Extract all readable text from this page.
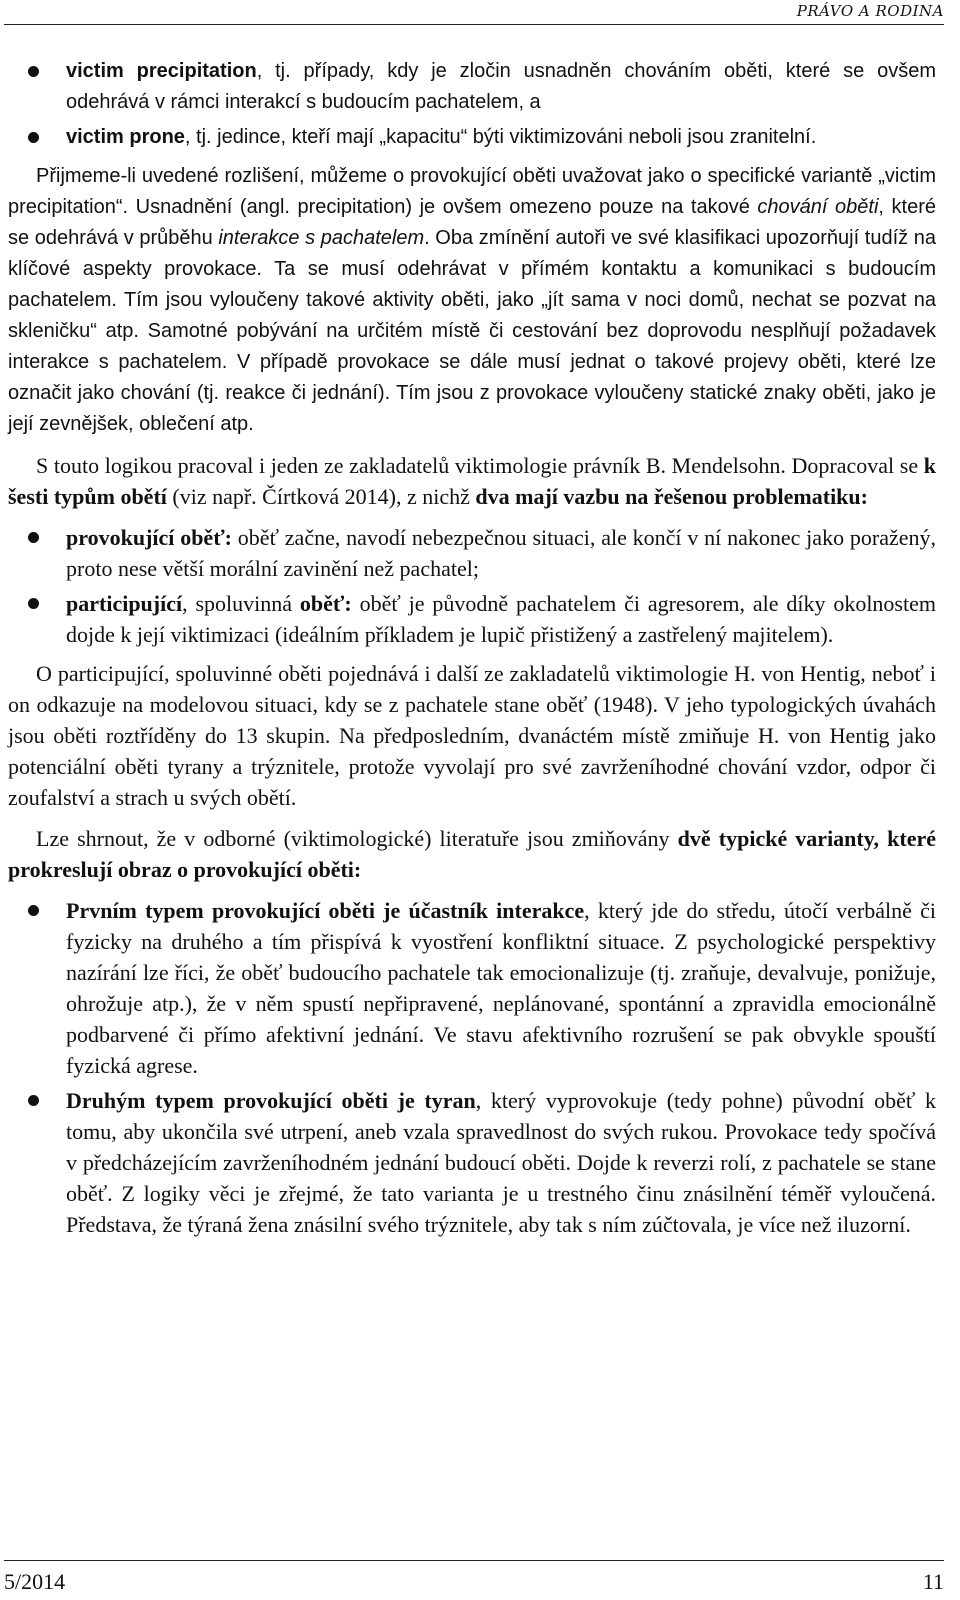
PRÁVO A RODINA
victim precipitation, tj. případy, kdy je zločin usnadněn chováním oběti, které se ovšem odehrává v rámci interakcí s budoucím pachatelem, a
victim prone, tj. jedince, kteří mají „kapacitu“ býti viktimizováni neboli jsou zranitelní.

Přijmeme-li uvedené rozlišení, můžeme o provokující oběti uvažovat jako o specifické variantě „victim precipitation“. Usnadnění (angl. precipitation) je ovšem omezeno pouze na takové chování oběti, které se odehrává v průběhu interakce s pachatelem. Oba zmínění autoři ve své klasifikaci upozorňují tudíž na klíčové aspekty provokace. Ta se musí odehrávat v přímém kontaktu a komunikaci s budoucím pachatelem. Tím jsou vyloučeny takové aktivity oběti, jako „jít sama v noci domů, nechat se pozvat na skleničku“ atp. Samotné pobývání na určitém místě či cestování bez doprovodu nesplňují požadavek interakce s pachatelem. V případě provokace se dále musí jednat o takové projevy oběti, které lze označit jako chování (tj. reakce či jednání). Tím jsou z provokace vyloučeny statické znaky oběti, jako je její zevnějšek, oblečení atp.

S touto logikou pracoval i jeden ze zakladatelů viktimologie právník B. Mendelsohn. Dopracoval se k šesti typům obětí (viz např. Čírtková 2014), z nichž dva mají vazbu na řešenou problematiku:

provokující oběť: oběť začne, navodí nebezpečnou situaci, ale končí v ní nakonec jako poražený, proto nese větší morální zavinění než pachatel;
participující, spoluvinná oběť: oběť je původně pachatelem či agresorem, ale díky okolnostem dojde k její viktimizaci (ideálním příkladem je lupič přistižený a zastřelený majitelem).

O participující, spoluvinné oběti pojednává i další ze zakladatelů viktimologie H. von Hentig, neboť i on odkazuje na modelovou situaci, kdy se z pachatele stane oběť (1948). V jeho typologických úvahách jsou oběti roztříděny do 13 skupin. Na předposledním, dvanáctém místě zmiňuje H. von Hentig jako potenciální oběti tyrany a trýznitele, protože vyvolají pro své zavrženíhodné chování vzdor, odpor či zoufalství a strach u svých obětí.

Lze shrnout, že v odborné (viktimologické) literatuře jsou zmiňovány dvě typické varianty, které prokreslují obraz o provokující oběti:

Prvním typem provokující oběti je účastník interakce, který jde do středu, útočí verbálně či fyzicky na druhého a tím přispívá k vyostření konfliktní situace. Z psychologické perspektivy nazírání lze říci, že oběť budoucího pachatele tak emocionalizuje (tj. zraňuje, devalvuje, ponižuje, ohrožuje atp.), že v něm spustí nepřipravené, neplánované, spontánní a zpravidla emocionálně podbarvené či přímo afektivní jednání. Ve stavu afektivního rozrušení se pak obvykle spouští fyzická agrese.
Druhým typem provokující oběti je tyran, který vyprovokuje (tedy pohne) původní oběť k tomu, aby ukončila své utrpení, aneb vzala spravedlnost do svých rukou. Provokace tedy spočívá v předcházejícím zavrženíhodném jednání budoucí oběti. Dojde k reverzi rolí, z pachatele se stane oběť. Z logiky věci je zřejmé, že tato varianta je u trestného činu znásilnění téměř vyloučená. Představa, že týraná žena znásilní svého trýznitele, aby tak s ním zúčtovala, je více než iluzorní.
5/2014	11
